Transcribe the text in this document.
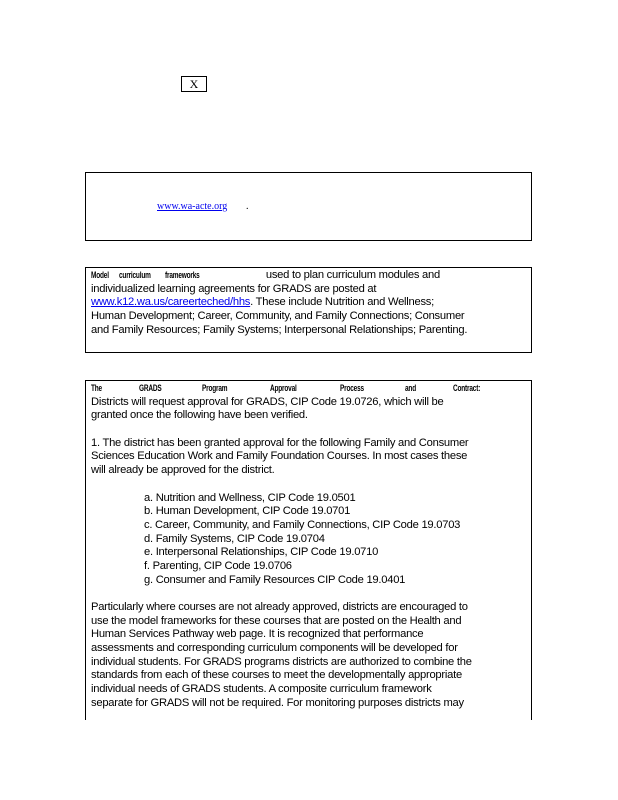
X
www.wa-acte.org .
Model curriculum frameworks	used to plan curriculum modules and
individualized learning agreements for GRADS are posted at
www.k12.wa.us/careerteched/hhs. These include Nutrition and Wellness;
Human Development; Career, Community, and Family Connections; Consumer
and Family Resources; Family Systems; Interpersonal Relationships; Parenting.
The	GRADS	Program	Approval	Process	and	Contract:
Districts will request approval for GRADS, CIP Code 19.0726, which will be
granted once the following have been verified.
1. The district has been granted approval for the following Family and Consumer
Sciences Education Work and Family Foundation Courses. In most cases these
will already be approved for the district.
a. Nutrition and Wellness, CIP Code 19.0501
b. Human Development, CIP Code 19.0701
c. Career, Community, and Family Connections, CIP Code 19.0703
d. Family Systems, CIP Code 19.0704
e. Interpersonal Relationships, CIP Code 19.0710
f. Parenting, CIP Code 19.0706
g. Consumer and Family Resources CIP Code 19.0401
Particularly where courses are not already approved, districts are encouraged to
use the model frameworks for these courses that are posted on the Health and
Human Services Pathway web page. It is recognized that performance
assessments and corresponding curriculum components will be developed for
individual students. For GRADS programs districts are authorized to combine the
standards from each of these courses to meet the developmentally appropriate
individual needs of GRADS students. A composite curriculum framework
separate for GRADS will not be required. For monitoring purposes districts may
